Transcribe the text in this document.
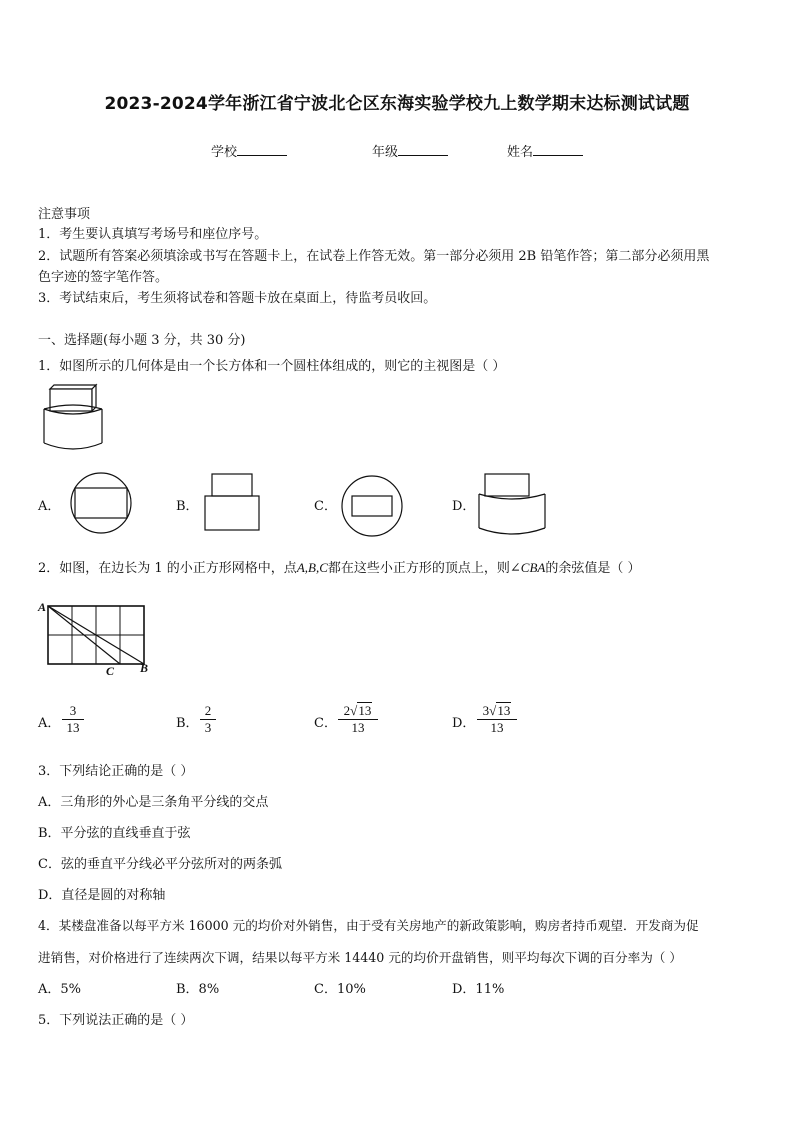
2023-2024学年浙江省宁波北仑区东海实验学校九上数学期末达标测试试题
学校	年级	姓名
注意事项
1．考生要认真填写考场号和座位序号。
2．试题所有答案必须填涂或书写在答题卡上，在试卷上作答无效。第一部分必须用 2B 铅笔作答；第二部分必须用黑
色字迹的签字笔作答。
3．考试结束后，考生须将试卷和答题卡放在桌面上，待监考员收回。
一、选择题(每小题 3 分，共 30 分)
1．如图所示的几何体是由一个长方体和一个圆柱体组成的，则它的主视图是（ ）
A．	B．	C．	D．
2．如图，在边长为 1 的小正方形网格中，点A,B,C都在这些小正方形的顶点上，则∠CBA的余弦值是（ ）
A
C B
A． $\frac{3}{13}$	B． $\frac{2}{3}$	C． $\frac{2√13}{13}$	D． $\frac{3√13}{13}$
3．下列结论正确的是（ ）
A．三角形的外心是三条角平分线的交点
B．平分弦的直线垂直于弦
C．弦的垂直平分线必平分弦所对的两条弧
D．直径是圆的对称轴
4．某楼盘准备以每平方米 16000 元的均价对外销售，由于受有关房地产的新政策影响，购房者持币观望．开发商为促
进销售，对价格进行了连续两次下调，结果以每平方米 14440 元的均价开盘销售，则平均每次下调的百分率为（ ）
A．5%	B．8%	C．10%	D．11%
5．下列说法正确的是（ ）
